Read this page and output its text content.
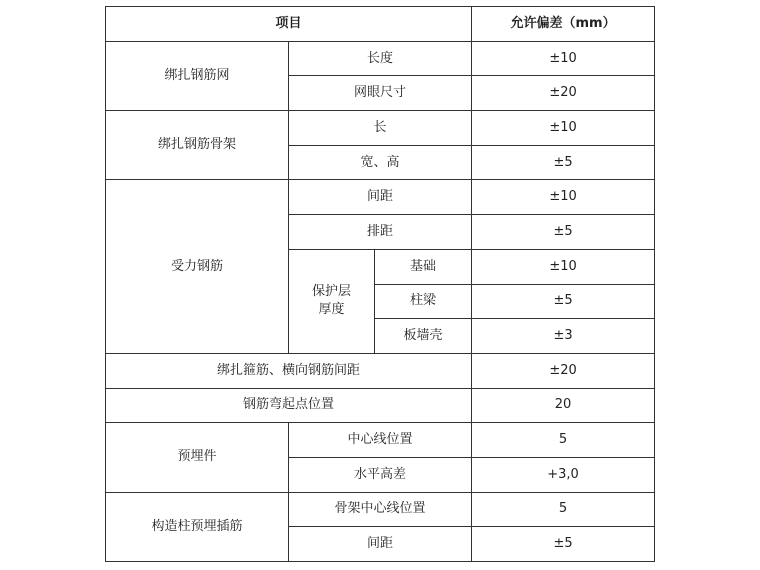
项目			允许偏差（mm）
绑扎钢筋网	长度		±10
	网眼尺寸		±20
绑扎钢筋骨架	长		±10
	宽、高		±5
受力钢筋	间距		±10
	排距		±5

	保护层厚度	基础	±10
		柱梁	±5
		板墙壳	±3
绑扎箍筋、横向钢筋间距			±20
钢筋弯起点位置			20
预埋件	中心线位置		5
	水平高差		+3,0
构造柱预埋插筋	骨架中心线位置		5
	间距		±5
